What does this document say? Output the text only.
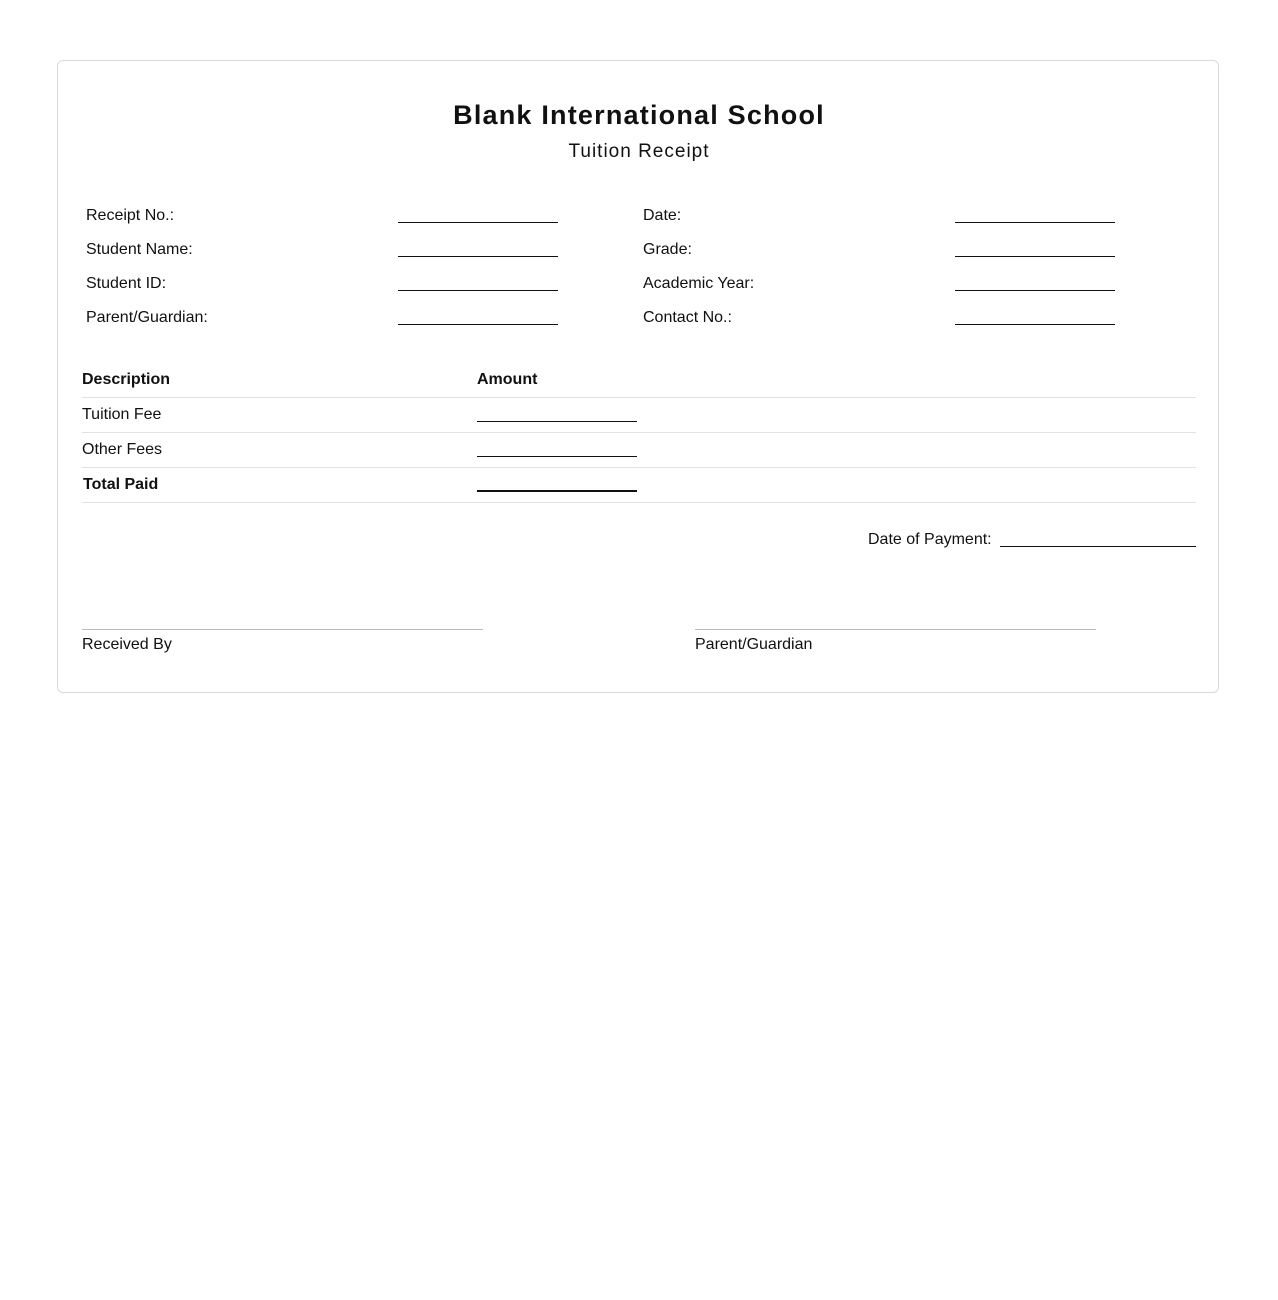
Blank International School
Tuition Receipt
Receipt No.:
Student Name:
Student ID:
Parent/Guardian:
Date:
Grade:
Academic Year:
Contact No.:
Description	Amount
Tuition Fee
Other Fees
Total Paid
Date of Payment:
Received By	Parent/Guardian
